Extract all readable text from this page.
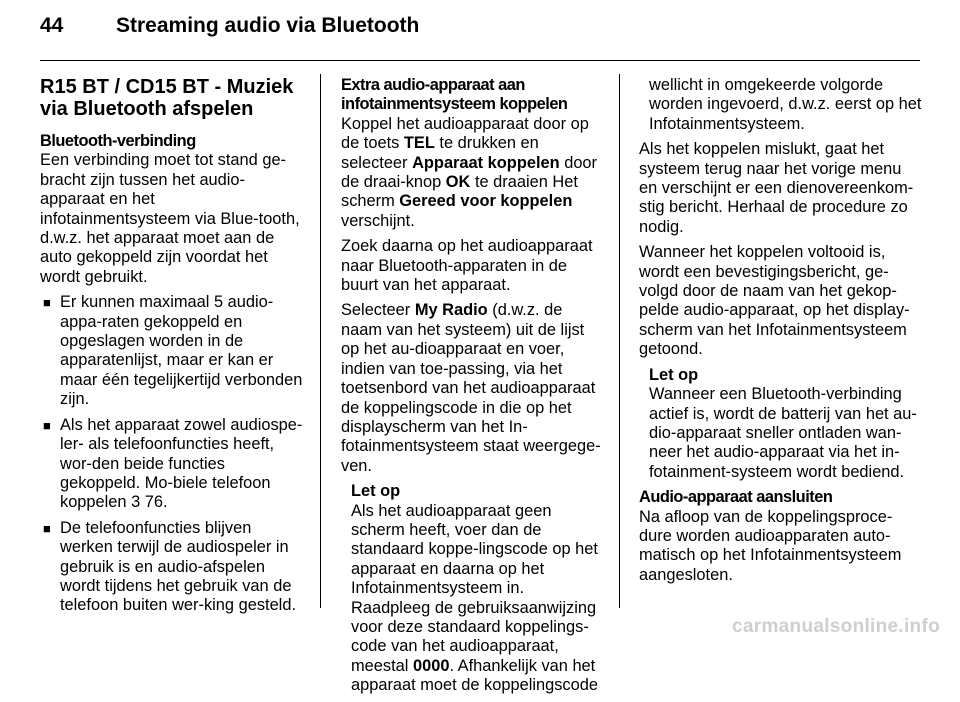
44	Streaming audio via Bluetooth
R15 BT / CD15 BT - Muziek via Bluetooth afspelen
Bluetooth-verbinding
Een verbinding moet tot stand ge-bracht zijn tussen het audio-apparaat en het infotainmentsysteem via Blue-tooth, d.w.z. het apparaat moet aan de auto gekoppeld zijn voordat het wordt gebruikt.
■ Er kunnen maximaal 5 audio-appa-raten gekoppeld en opgeslagen worden in de apparatenlijst, maar er kan er maar één tegelijkertijd verbonden zijn.
■ Als het apparaat zowel audiospe-ler- als telefoonfuncties heeft, wor-den beide functies gekoppeld. Mo-biele telefoon koppelen 3 76.
■ De telefoonfuncties blijven werken terwijl de audiospeler in gebruik is en audio-afspelen wordt tijdens het gebruik van de telefoon buiten wer-king gesteld.
Extra audio-apparaat aan infotainmentsysteem koppelen
Koppel het audioapparaat door op de toets TEL te drukken en selecteer Apparaat koppelen door de draai-knop OK te draaien Het scherm Gereed voor koppelen verschijnt.
Zoek daarna op het audioapparaat naar Bluetooth-apparaten in de buurt van het apparaat.
Selecteer My Radio (d.w.z. de naam van het systeem) uit de lijst op het au-dioapparaat en voer, indien van toe-passing, via het toetsenbord van het audioapparaat de koppelingscode in die op het displayscherm van het In-fotainmentsysteem staat weergege-ven.
Let op
Als het audioapparaat geen scherm heeft, voer dan de standaard koppe-lingscode op het apparaat en daarna op het Infotainmentsysteem in. Raadpleeg de gebruiksaanwijzing voor deze standaard koppelings-code van het audioapparaat, meestal 0000. Afhankelijk van het apparaat moet de koppelingscode
wellicht in omgekeerde volgorde worden ingevoerd, d.w.z. eerst op het Infotainmentsysteem.
Als het koppelen mislukt, gaat het systeem terug naar het vorige menu en verschijnt er een dienovereenkom-stig bericht. Herhaal de procedure zo nodig.
Wanneer het koppelen voltooid is, wordt een bevestigingsbericht, ge-volgd door de naam van het gekop-pelde audio-apparaat, op het display-scherm van het Infotainmentsysteem getoond.
Let op
Wanneer een Bluetooth-verbinding actief is, wordt de batterij van het au-dio-apparaat sneller ontladen wan-neer het audio-apparaat via het in-fotainment-systeem wordt bediend.
Audio-apparaat aansluiten
Na afloop van de koppelingsproce-dure worden audioapparaten auto-matisch op het Infotainmentsysteem aangesloten.
carmanualsonline.info
